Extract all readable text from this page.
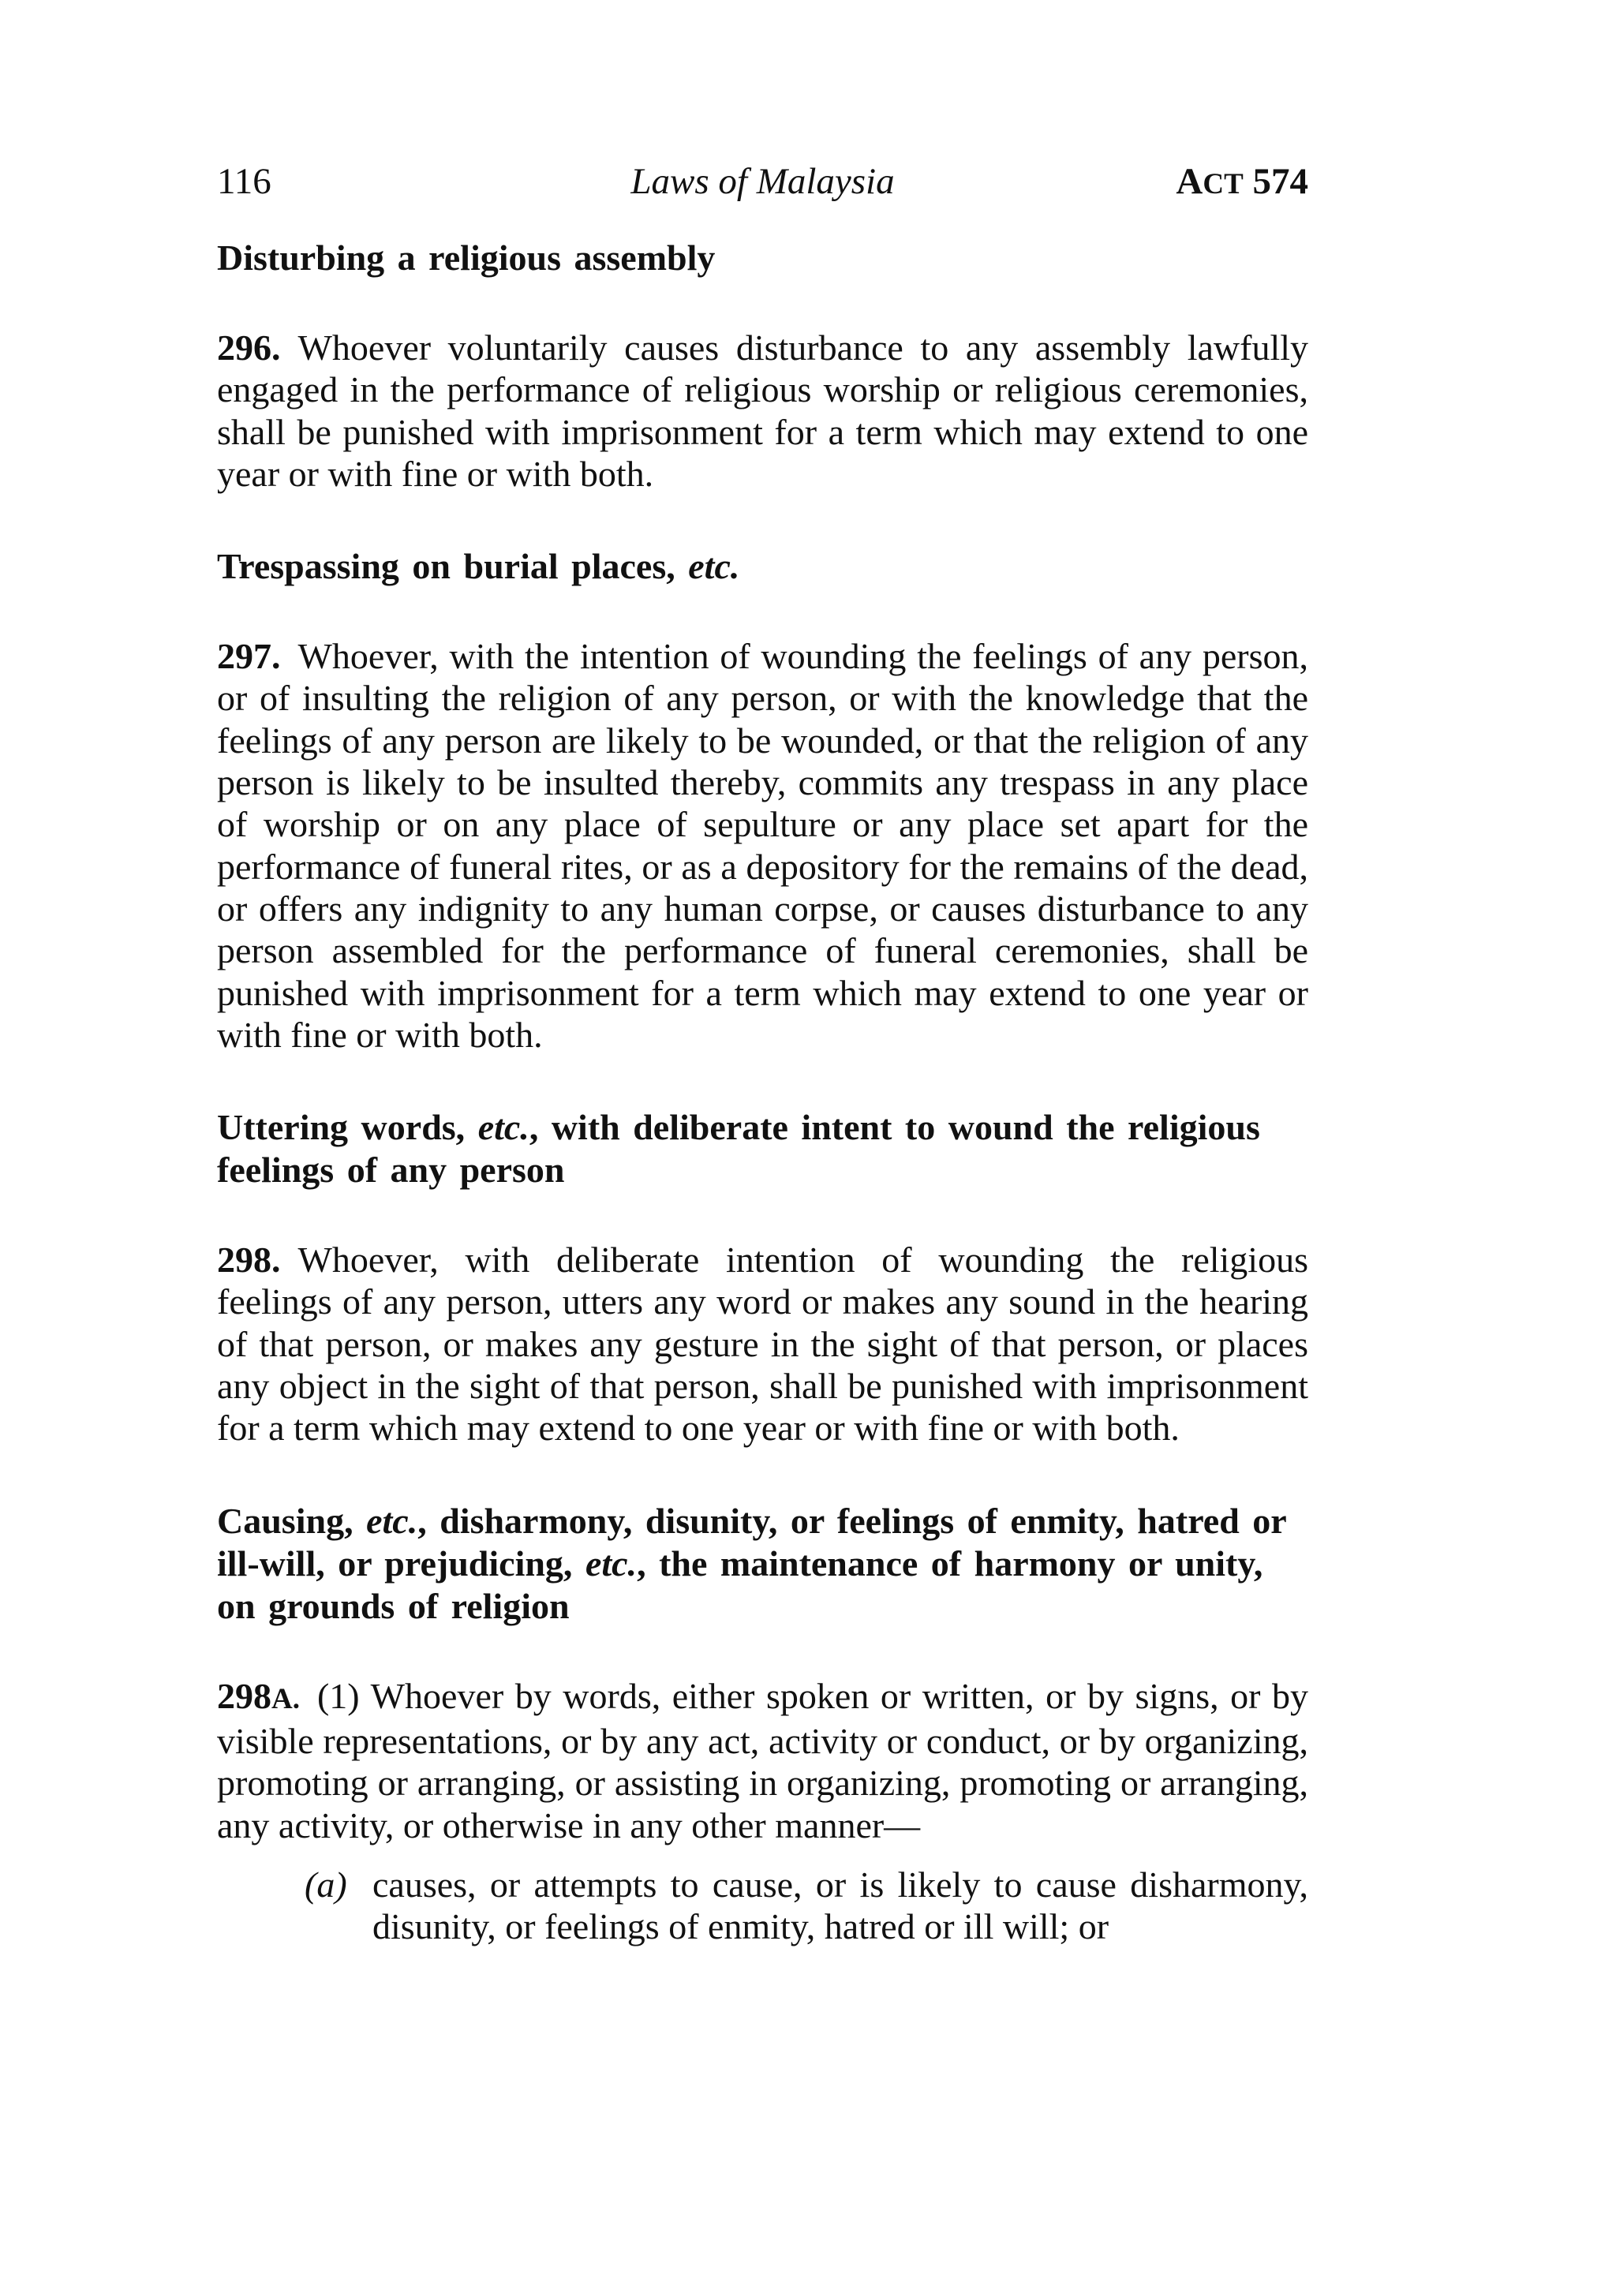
116	Laws of Malaysia	ACT 574

Disturbing a religious assembly

296. Whoever voluntarily causes disturbance to any assembly lawfully engaged in the performance of religious worship or religious ceremonies, shall be punished with imprisonment for a term which may extend to one year or with fine or with both.

Trespassing on burial places, etc.

297. Whoever, with the intention of wounding the feelings of any person, or of insulting the religion of any person, or with the knowledge that the feelings of any person are likely to be wounded, or that the religion of any person is likely to be insulted thereby, commits any trespass in any place of worship or on any place of sepulture or any place set apart for the performance of funeral rites, or as a depository for the remains of the dead, or offers any indignity to any human corpse, or causes disturbance to any person assembled for the performance of funeral ceremonies, shall be punished with imprisonment for a term which may extend to one year or with fine or with both.

Uttering words, etc., with deliberate intent to wound the religious feelings of any person

298. Whoever, with deliberate intention of wounding the religious feelings of any person, utters any word or makes any sound in the hearing of that person, or makes any gesture in the sight of that person, or places any object in the sight of that person, shall be punished with imprisonment for a term which may extend to one year or with fine or with both.

Causing, etc., disharmony, disunity, or feelings of enmity, hatred or ill-will, or prejudicing, etc., the maintenance of harmony or unity, on grounds of religion

298A. (1) Whoever by words, either spoken or written, or by signs, or by visible representations, or by any act, activity or conduct, or by organizing, promoting or arranging, or assisting in organizing, promoting or arranging, any activity, or otherwise in any other manner—

(a) causes, or attempts to cause, or is likely to cause disharmony, disunity, or feelings of enmity, hatred or ill will; or
